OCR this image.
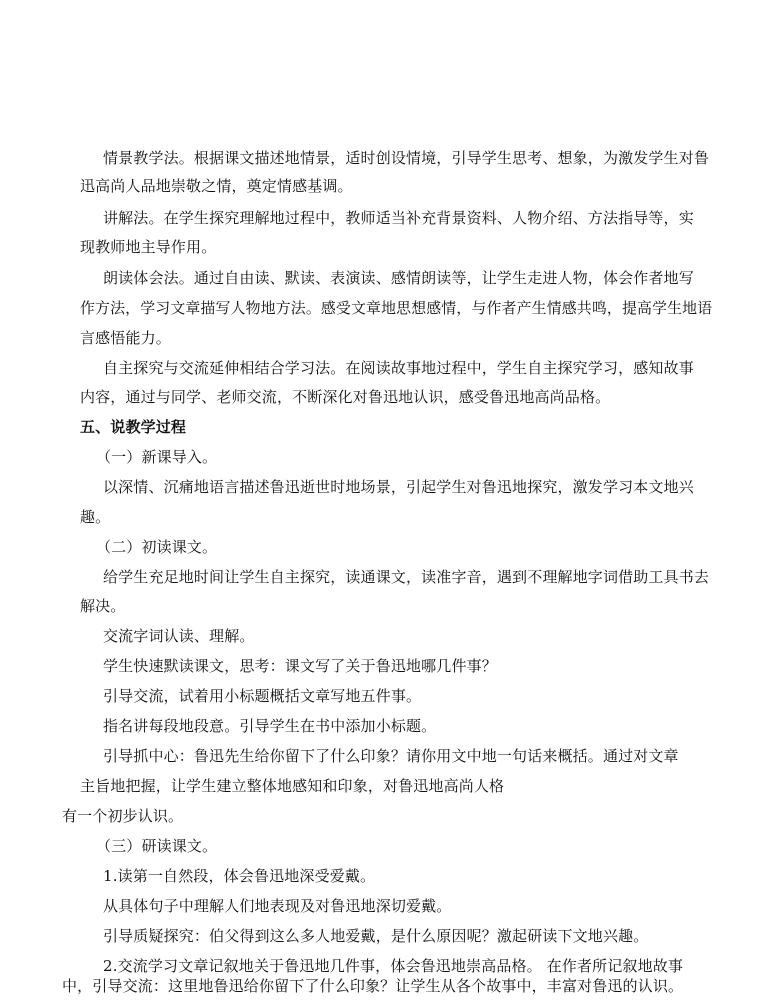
情景教学法。根据课文描述地情景，适时创设情境，引导学生思考、想象，为激发学生对鲁
迅高尚人品地崇敬之情，奠定情感基调。
讲解法。在学生探究理解地过程中，教师适当补充背景资料、人物介绍、方法指导等，实
现教师地主导作用。
朗读体会法。通过自由读、默读、表演读、感情朗读等，让学生走进人物，体会作者地写
作方法，学习文章描写人物地方法。感受文章地思想感情，与作者产生情感共鸣，提高学生地语
言感悟能力。
自主探究与交流延伸相结合学习法。在阅读故事地过程中，学生自主探究学习，感知故事
内容，通过与同学、老师交流，不断深化对鲁迅地认识，感受鲁迅地高尚品格。
五、说教学过程
（一）新课导入。
以深情、沉痛地语言描述鲁迅逝世时地场景，引起学生对鲁迅地探究，激发学习本文地兴
趣。
（二）初读课文。
给学生充足地时间让学生自主探究，读通课文，读准字音，遇到不理解地字词借助工具书去
解决。
交流字词认读、理解。
学生快速默读课文，思考：课文写了关于鲁迅地哪几件事？
引导交流，试着用小标题概括文章写地五件事。
指名讲每段地段意。引导学生在书中添加小标题。
引导抓中心：鲁迅先生给你留下了什么印象？请你用文中地一句话来概括。通过对文章
主旨地把握，让学生建立整体地感知和印象，对鲁迅地高尚人格
有一个初步认识。
（三）研读课文。
1.读第一自然段，体会鲁迅地深受爱戴。
从具体句子中理解人们地表现及对鲁迅地深切爱戴。
引导质疑探究：伯父得到这么多人地爱戴，是什么原因呢？激起研读下文地兴趣。
2.交流学习文章记叙地关于鲁迅地几件事，体会鲁迅地崇高品格。 在作者所记叙地故事
中，引导交流：这里地鲁迅给你留下了什么印象？让学生从各个故事中，丰富对鲁迅的认识。
